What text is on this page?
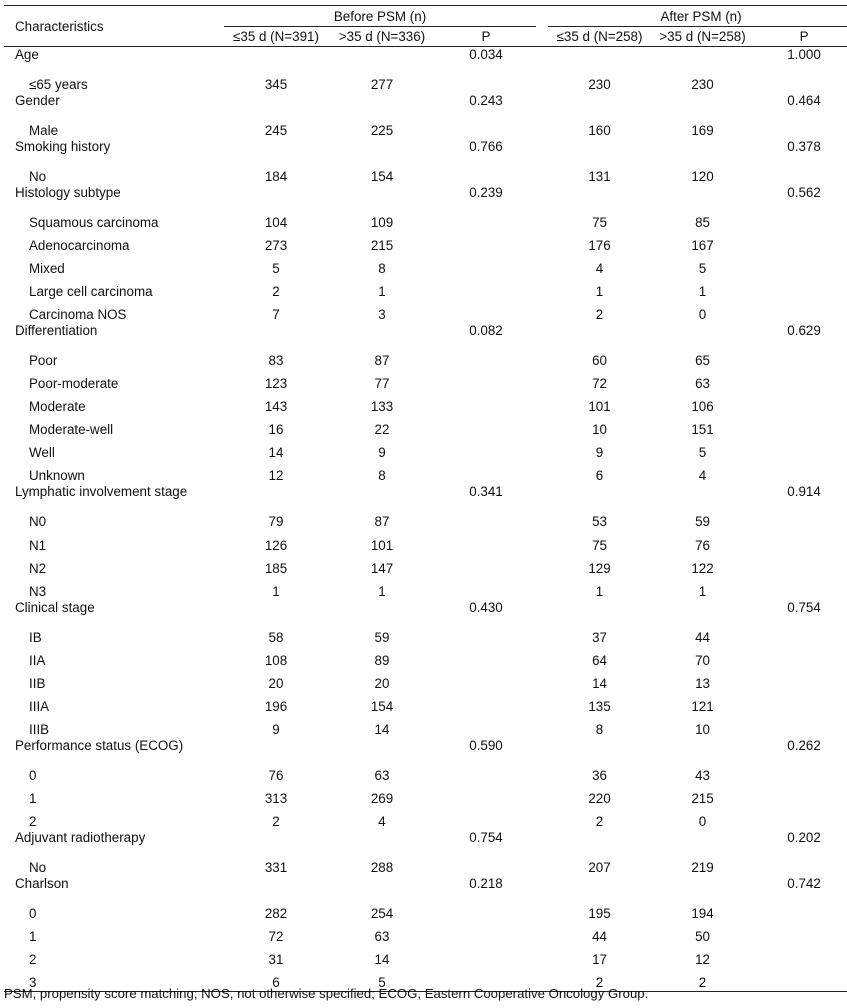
Characteristics	Before PSM (n)				After PSM (n)		
	≤35 d (N=391)	>35 d (N=336)	P		≤35 d (N=258)	>35 d (N=258)	P
Age			0.034				1.000
≤65 years	345	277			230	230	
Gender			0.243				0.464
Male	245	225			160	169	
Smoking history			0.766				0.378
No	184	154			131	120	
Histology subtype			0.239				0.562
Squamous carcinoma	104	109			75	85	
Adenocarcinoma	273	215			176	167	
Mixed	5	8			4	5	
Large cell carcinoma	2	1			1	1	
Carcinoma NOS	7	3			2	0	
Differentiation			0.082				0.629
Poor	83	87			60	65	
Poor-moderate	123	77			72	63	
Moderate	143	133			101	106	
Moderate-well	16	22			10	151	
Well	14	9			9	5	
Unknown	12	8			6	4	
Lymphatic involvement stage			0.341				0.914
N0	79	87			53	59	
N1	126	101			75	76	
N2	185	147			129	122	
N3	1	1			1	1	
Clinical stage			0.430				0.754
IB	58	59			37	44	
IIA	108	89			64	70	
IIB	20	20			14	13	
IIIA	196	154			135	121	
IIIB	9	14			8	10	
Performance status (ECOG)			0.590				0.262
0	76	63			36	43	
1	313	269			220	215	
2	2	4			2	0	
Adjuvant radiotherapy			0.754				0.202
No	331	288			207	219	
Charlson			0.218				0.742
0	282	254			195	194	
1	72	63			44	50	
2	31	14			17	12	
3	6	5			2	2	
PSM, propensity score matching; NOS, not otherwise specified; ECOG, Eastern Cooperative Oncology Group.
